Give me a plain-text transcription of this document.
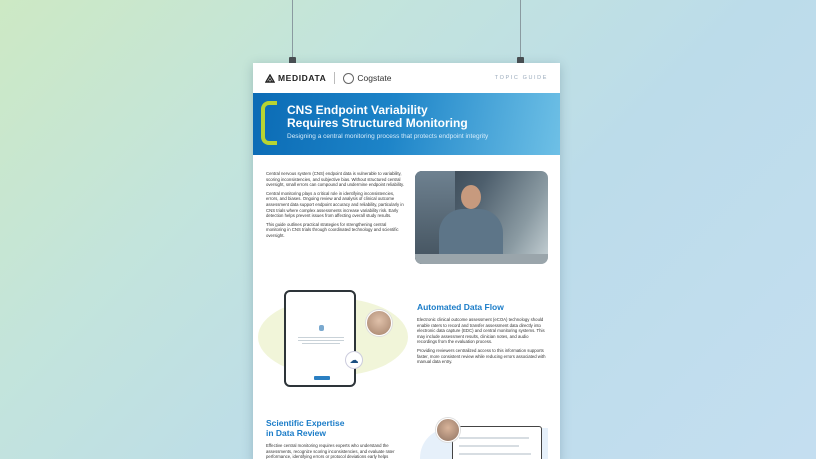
MEDIDATA	Cogstate	TOPIC GUIDE
CNS Endpoint Variability
Requires Structured Monitoring
Designing a central monitoring process that protects endpoint integrity

Central nervous system (CNS) endpoint data is vulnerable to variability, scoring inconsistencies, and subjective bias. Without structured central oversight, small errors can compound and undermine endpoint reliability.

Central monitoring plays a critical role in identifying inconsistencies, errors, and biases. Ongoing review and analysis of clinical outcome assessment data support endpoint accuracy and reliability, particularly in CNS trials where complex assessments increase variability risk. Early detection helps prevent issues from affecting overall study results.

This guide outlines practical strategies for strengthening central monitoring in CNS trials through coordinated technology and scientific oversight.

☁
Automated Data Flow

Electronic clinical outcome assessment (eCOA) technology should enable raters to record and transfer assessment data directly into electronic data capture (EDC) and central monitoring systems. This may include assessment results, clinician notes, and audio recordings from the evaluation process.

Providing reviewers centralized access to this information supports faster, more consistent review while reducing errors associated with manual data entry.

Scientific Expertise
in Data Review

Effective central monitoring requires experts who understand the assessments, recognize scoring inconsistencies, and evaluate rater performance, identifying errors or protocol deviations early helps
